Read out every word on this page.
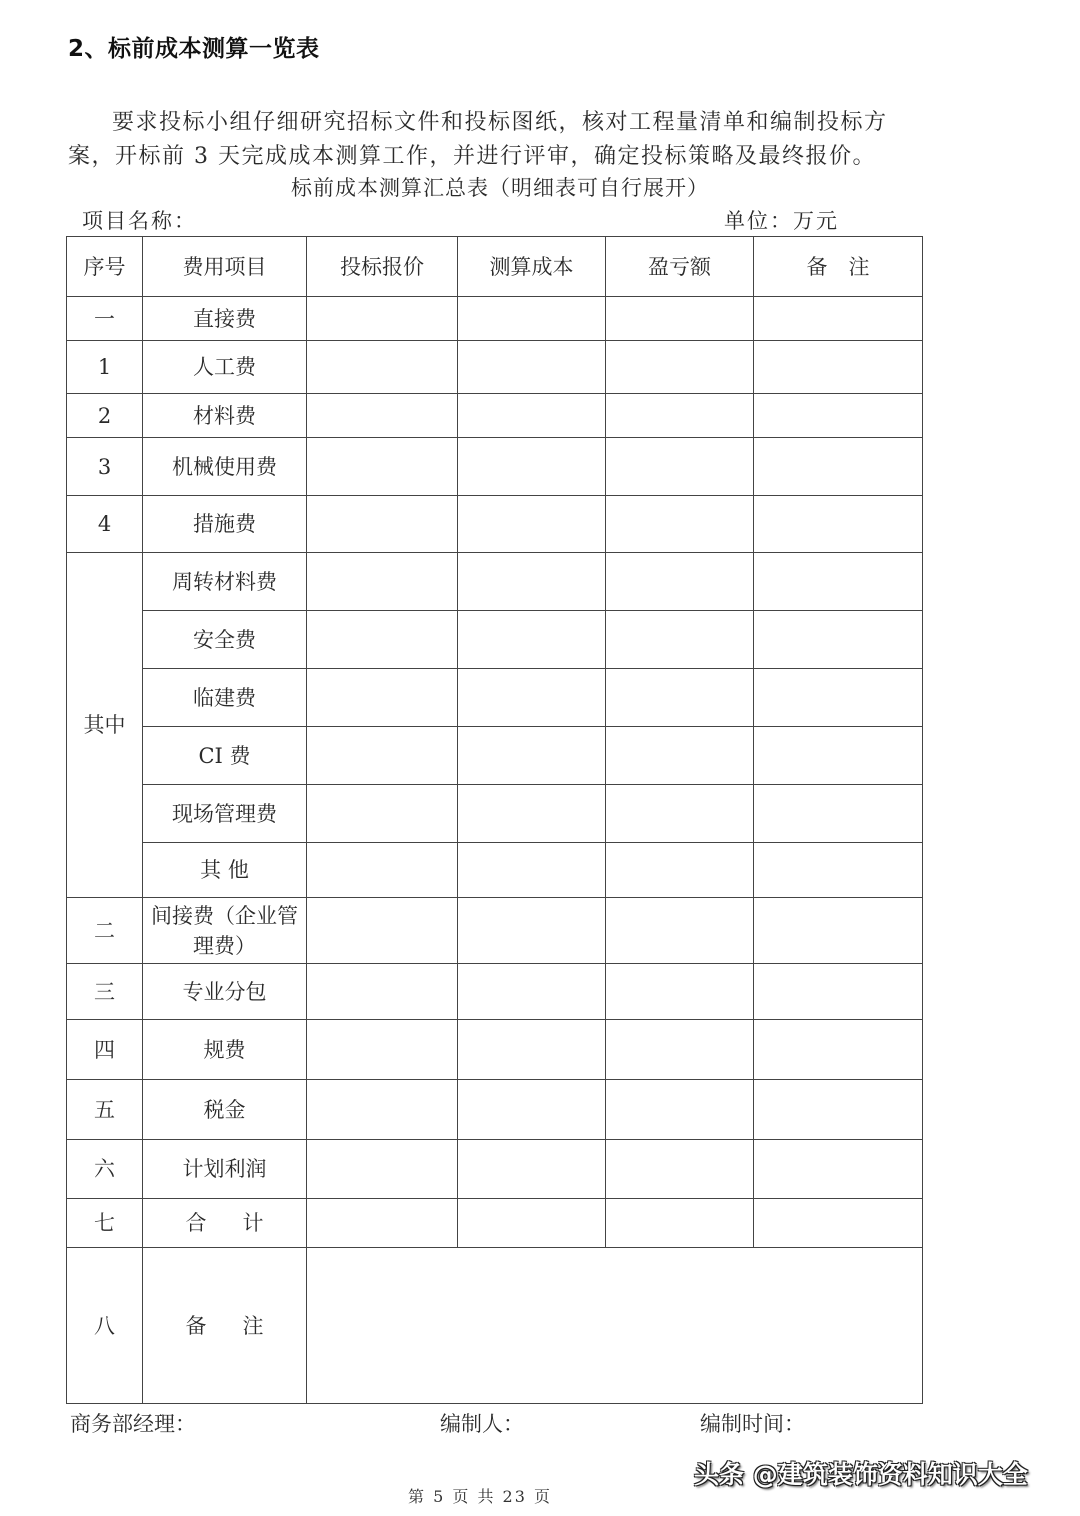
2、标前成本测算一览表
要求投标小组仔细研究招标文件和投标图纸，核对工程量清单和编制投标方
案，开标前 3 天完成成本测算工作，并进行评审，确定投标策略及最终报价。
标前成本测算汇总表（明细表可自行展开）
项目名称：	单位：万元
序号	费用项目	投标报价	测算成本	盈亏额	备　注
一	直接费				
1	人工费				
2	材料费				
3	机械使用费				
4	措施费				
其中	周转材料费				
	安全费				
	临建费				
	CI 费				
	现场管理费				
	其 他				
二	间接费（企业管理费）				
三	专业分包				
四	规费				
五	税金				
六	计划利润				
七	合计				
八	备注				
商务部经理：	编制人：	编制时间：
第 5 页 共 23 页
头条 @建筑装饰资料知识大全
